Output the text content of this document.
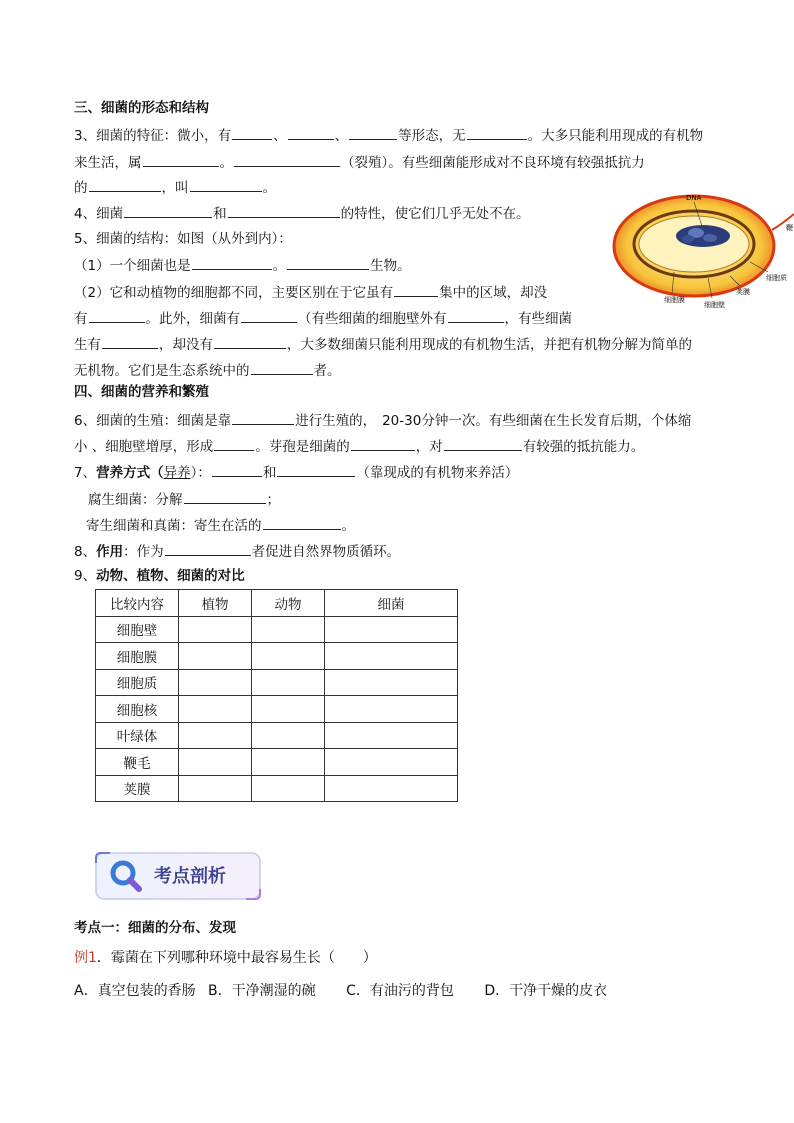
三、细菌的形态和结构
3、细菌的特征：微小，有	、	、	等形态，无	。大多只能利用现成的有机物
来生活，属	。	（裂殖）。有些细菌能形成对不良环境有较强抵抗力
的	，叫	。
4、细菌	和	的特性，使它们几乎无处不在。
5、细菌的结构：如图（从外到内）：
（1）一个细菌也是	。	生物。
（2）它和动植物的细胞都不同，主要区别在于它虽有	集中的区域，却没
有	。此外，细菌有	（有些细菌的细胞壁外有	，有些细菌
生有	，却没有	，大多数细菌只能利用现成的有机物生活，并把有机物分解为简单的
无机物。它们是生态系统中的	者。
DNA
鞭
细胞质
荚膜
细胞壁
细胞膜
四、细菌的营养和繁殖
6、细菌的生殖：细菌是靠	进行生殖的， 20-30分钟一次。有些细菌在生长发育后期，个体缩
小 、细胞壁增厚，形成	。芽孢是细菌的	，对	有较强的抵抗能力。
7、营养方式（异养）：	和	（靠现成的有机物来养活）
腐生细菌：分解	；
寄生细菌和真菌：寄生在活的	。
8、作用：作为	者促进自然界物质循环。
9、动物、植物、细菌的对比
比较内容	植物	动物	细菌
细胞壁			
细胞膜			
细胞质			
细胞核			
叶绿体			
鞭毛			
荚膜			
考点剖析
考点一：细菌的分布、发现
例1．霉菌在下列哪种环境中最容易生长（　　）
A．真空包装的香肠 B．干净潮湿的碗 C．有油污的背包 D．干净干燥的皮衣
